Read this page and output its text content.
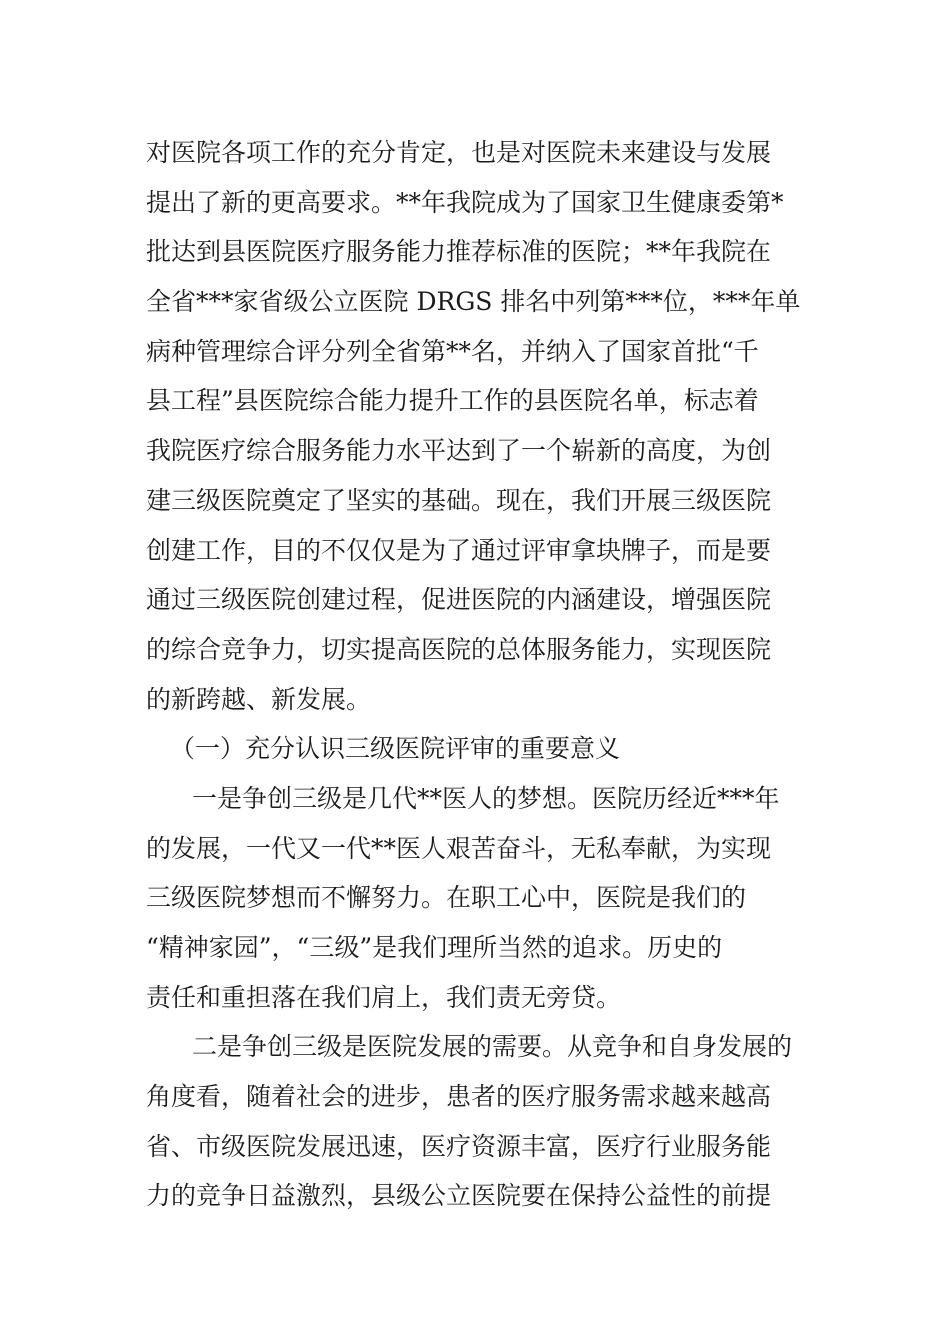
对医院各项工作的充分肯定，也是对医院未来建设与发展
提出了新的更高要求。**年我院成为了国家卫生健康委第*
批达到县医院医疗服务能力推荐标准的医院；**年我院在
全省***家省级公立医院 DRGS 排名中列第***位，***年单
病种管理综合评分列全省第**名，并纳入了国家首批“千
县工程”县医院综合能力提升工作的县医院名单，标志着
我院医疗综合服务能力水平达到了一个崭新的高度，为创
建三级医院奠定了坚实的基础。现在，我们开展三级医院
创建工作，目的不仅仅是为了通过评审拿块牌子，而是要
通过三级医院创建过程，促进医院的内涵建设，增强医院
的综合竞争力，切实提高医院的总体服务能力，实现医院
的新跨越、新发展。
（一）充分认识三级医院评审的重要意义
一是争创三级是几代**医人的梦想。医院历经近***年
的发展，一代又一代**医人艰苦奋斗，无私奉献，为实现
三级医院梦想而不懈努力。在职工心中，医院是我们的
“精神家园”，“三级”是我们理所当然的追求。历史的
责任和重担落在我们肩上，我们责无旁贷。
二是争创三级是医院发展的需要。从竞争和自身发展的
角度看，随着社会的进步，患者的医疗服务需求越来越高
省、市级医院发展迅速，医疗资源丰富，医疗行业服务能
力的竞争日益激烈，县级公立医院要在保持公益性的前提
